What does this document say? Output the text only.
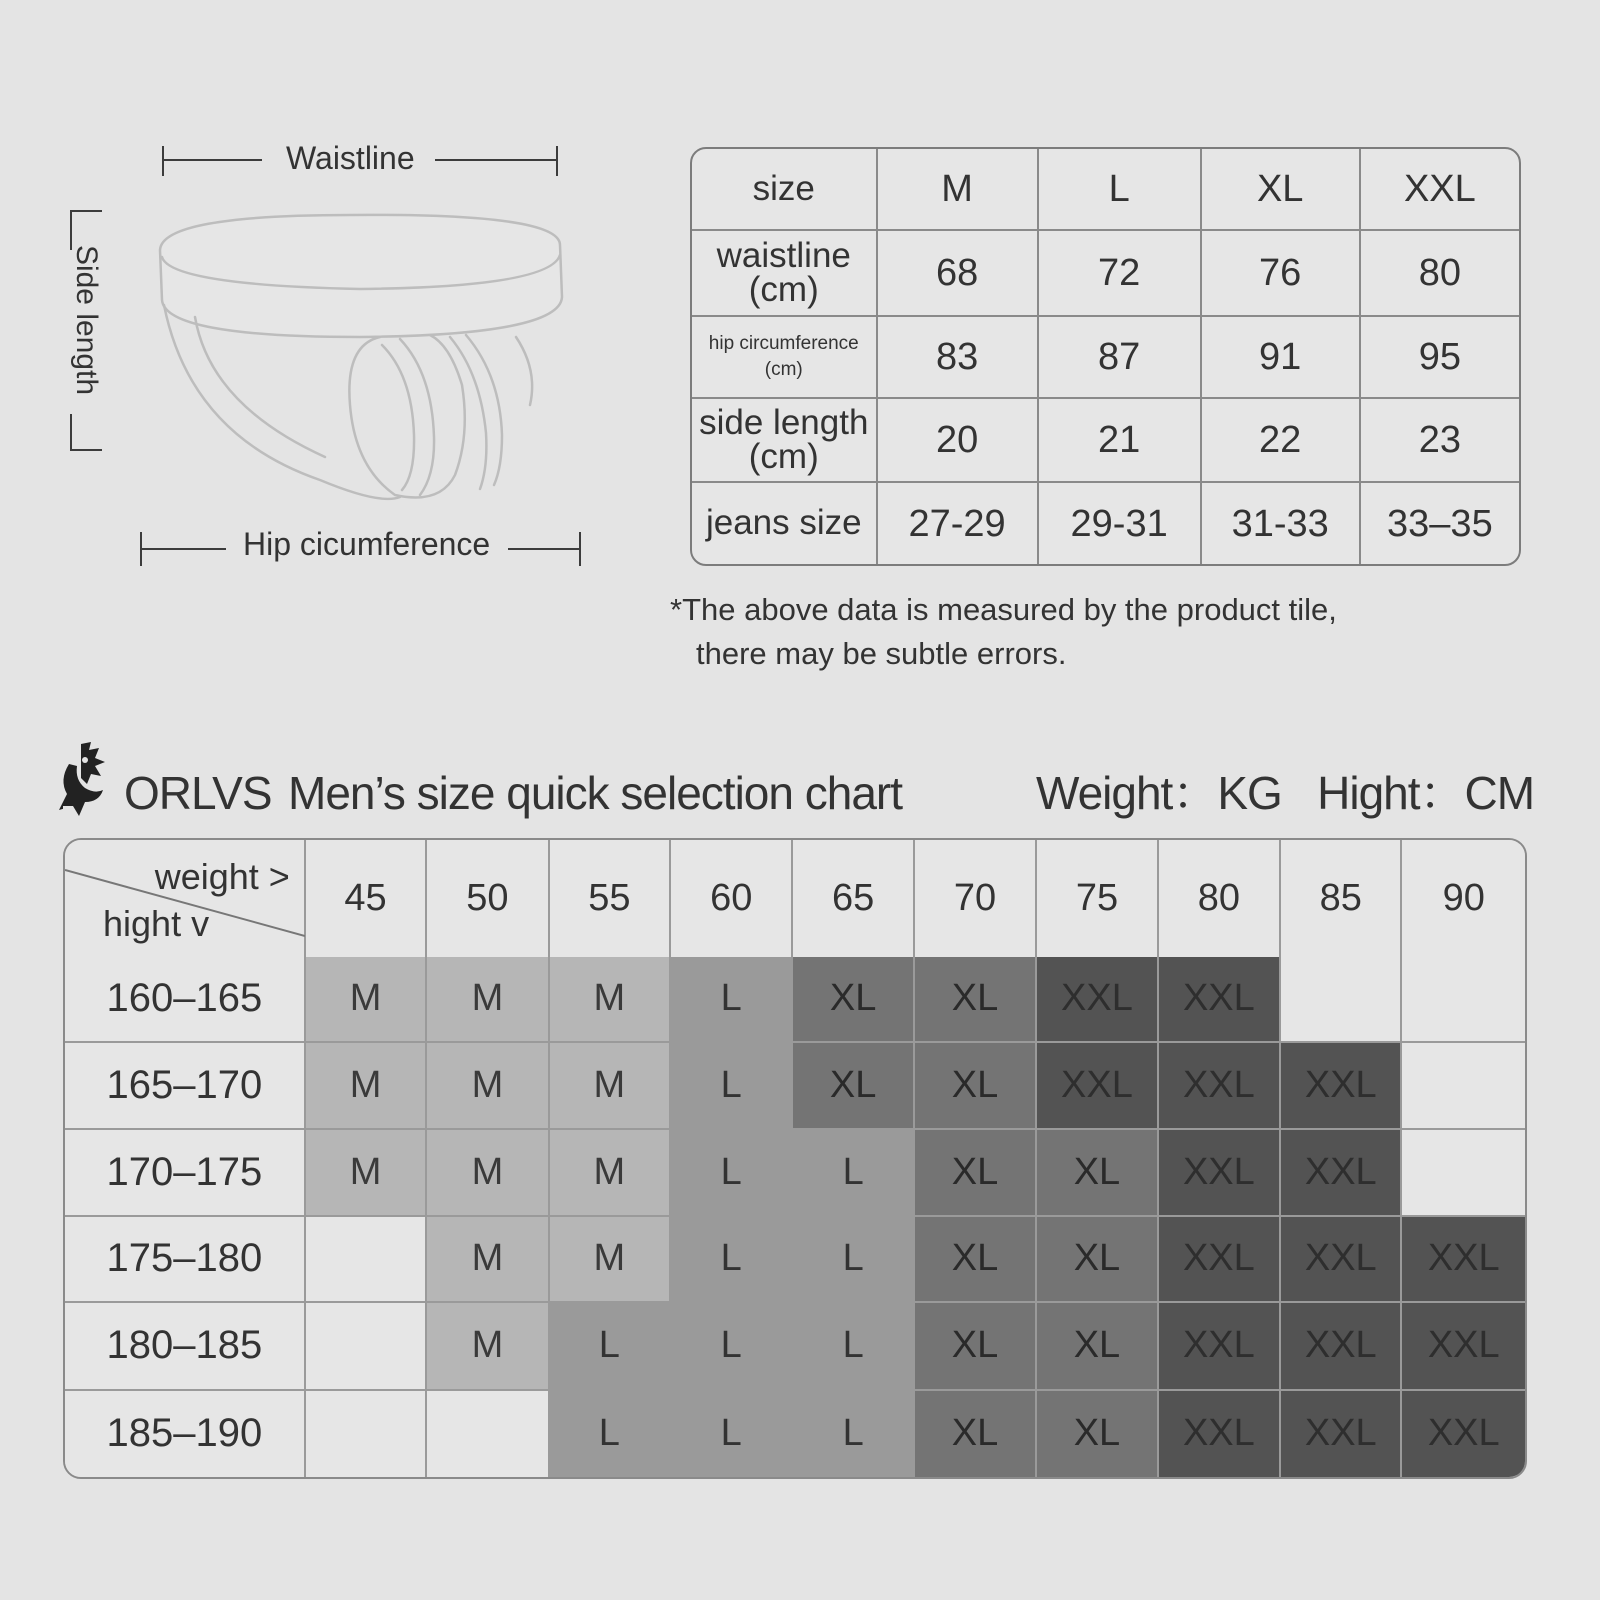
Waistline
Side length
Hip cicumference
size	M	L	XL	XXL
waistline
(cm)	68	72	76	80
hip circumference
(cm)	83	87	91	95
side length
(cm)	20	21	22	23
jeans size	27-29	29-31	31-33	33–35
*The above data is measured by the product tile,
there may be subtle errors.
ORLVS Men’s size quick selection chart	Weight：KG   Hight：CM
weight >
hight v	45	50	55	60	65	70	75	80	85	90
160–165	M	M	M	L	XL	XL	XXL	XXL		
165–170	M	M	M	L	XL	XL	XXL	XXL	XXL	
170–175	M	M	M	L	L	XL	XL	XXL	XXL	
175–180		M	M	L	L	XL	XL	XXL	XXL	XXL
180–185		M	L	L	L	XL	XL	XXL	XXL	XXL
185–190			L	L	L	XL	XL	XXL	XXL	XXL
